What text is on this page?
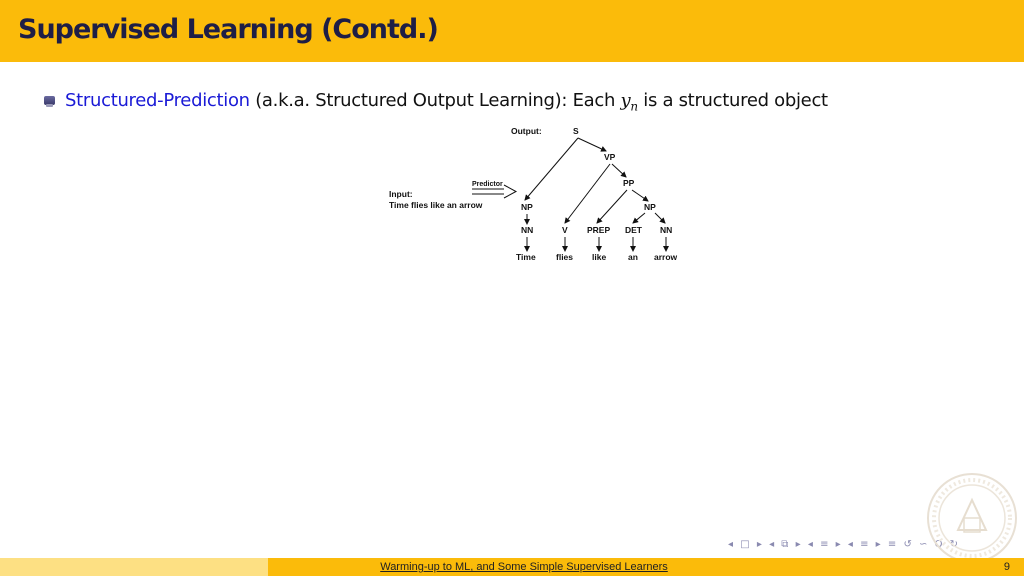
Supervised Learning (Contd.)
Structured-Prediction (a.k.a. Structured Output Learning): Each $y_n$ is a structured object
Output:	S
VP
PP
Predictor
Input:
Time flies like an arrow	NP	NP
NN	V PREP DET NN
Time flies like	an arrow
◂ □ ▸ ◂ ⧉ ▸ ◂ ≡ ▸ ◂ ≡ ▸ ≡ ↺ ∽ Q ↻
Warming-up to ML, and Some Simple Supervised Learners	9
